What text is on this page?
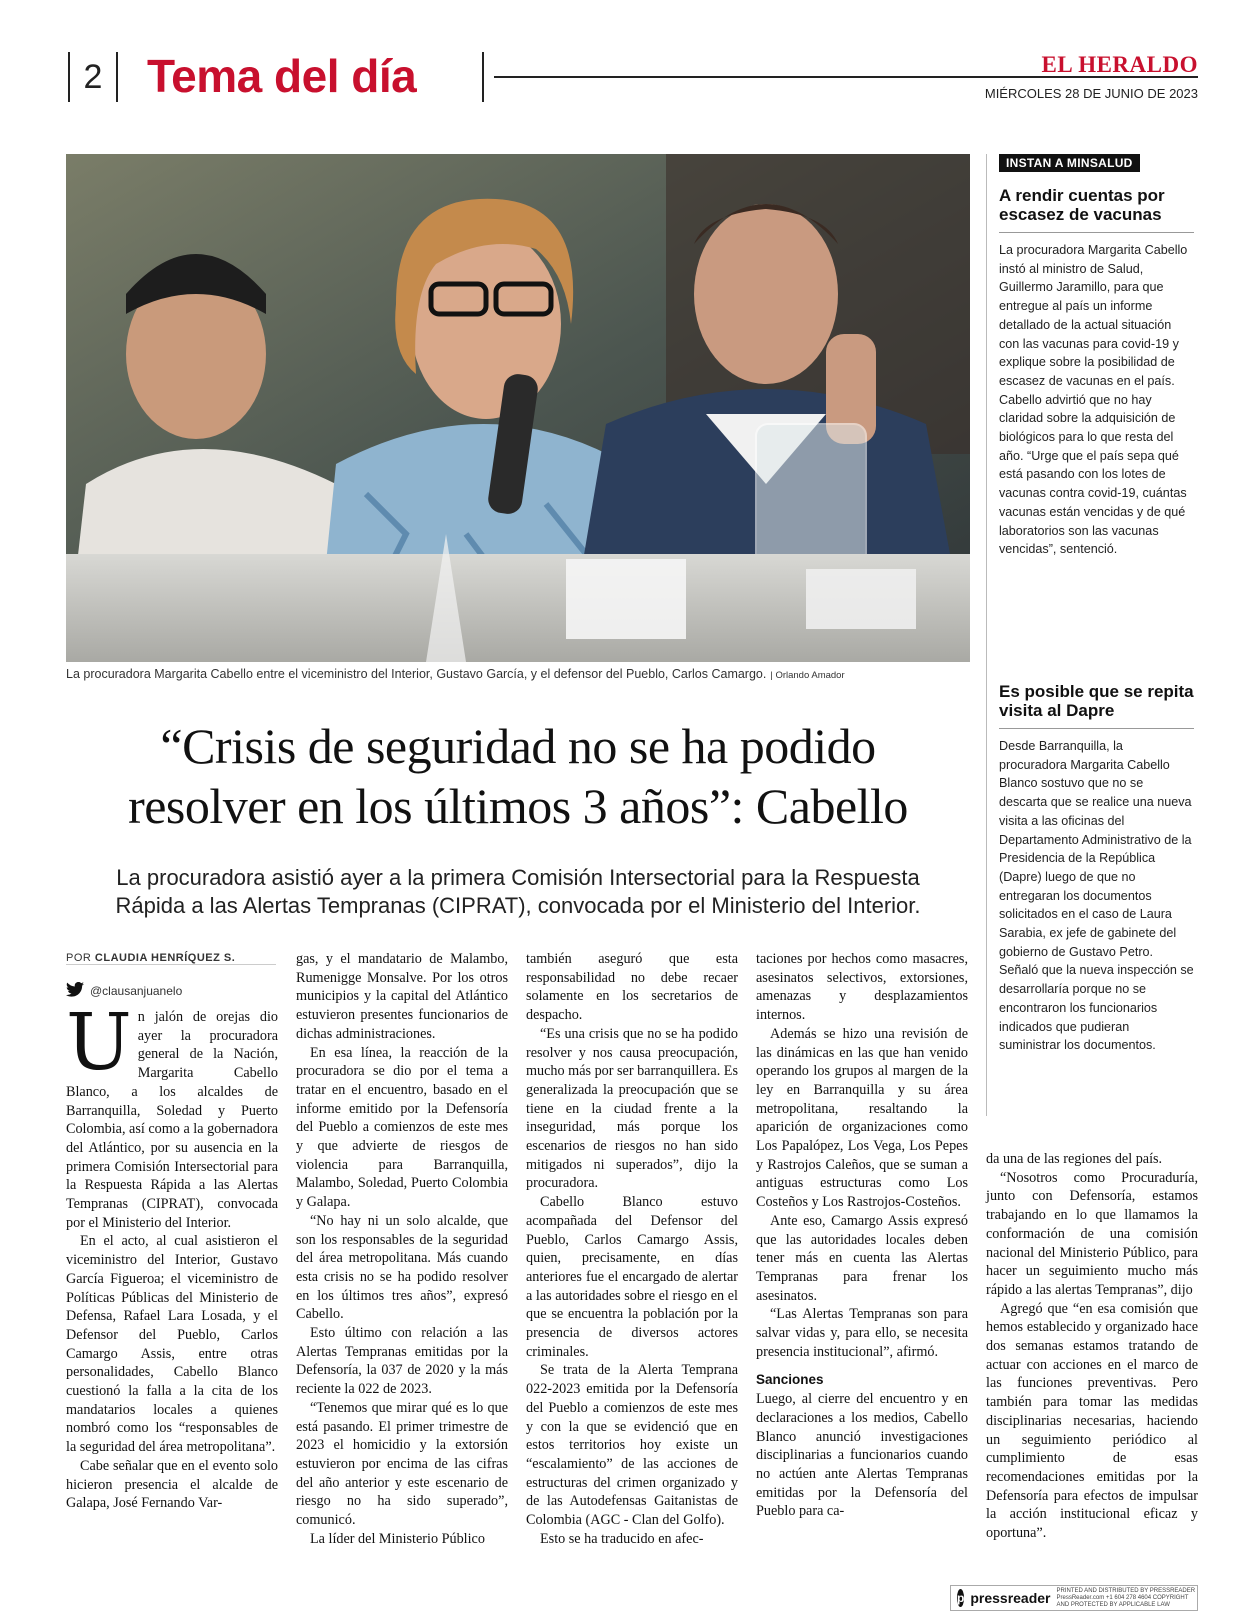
2 Tema del día	EL HERALDO
MIÉRCOLES 28 DE JUNIO DE 2023
La procuradora Margarita Cabello entre el viceministro del Interior, Gustavo García, y el defensor del Pueblo, Carlos Camargo. | Orlando Amador
“Crisis de seguridad no se ha podido
resolver en los últimos 3 años”: Cabello
La procuradora asistió ayer a la primera Comisión Intersectorial para la Respuesta
Rápida a las Alertas Tempranas (CIPRAT), convocada por el Ministerio del Interior.
POR CLAUDIA HENRÍQUEZ S.
@clausanjuanelo
U n jalón de orejas dio ayer la procuradora general de la Nación, Margarita Cabello Blanco, a los alcaldes de Barranquilla, Soledad y Puerto Colombia, así como a la gobernadora del Atlántico, por su ausencia en la primera Comisión Intersectorial para la Respuesta Rápida a las Alertas Tempranas (CIPRAT), convocada por el Ministerio del Interior.

En el acto, al cual asistieron el viceministro del Interior, Gustavo García Figueroa; el viceministro de Políticas Públicas del Ministerio de Defensa, Rafael Lara Losada, y el Defensor del Pueblo, Carlos Camargo Assis, entre otras personalidades, Cabello Blanco cuestionó la falla a la cita de los mandatarios locales a quienes nombró como los “responsables de la seguridad del área metropolitana”.

Cabe señalar que en el evento solo hicieron presencia el alcalde de Galapa, José Fernando Var-

gas, y el mandatario de Malambo, Rumenigge Monsalve. Por los otros municipios y la capital del Atlántico estuvieron presentes funcionarios de dichas administraciones.

En esa línea, la reacción de la procuradora se dio por el tema a tratar en el encuentro, basado en el informe emitido por la Defensoría del Pueblo a comienzos de este mes y que advierte de riesgos de violencia para Barranquilla, Malambo, Soledad, Puerto Colombia y Galapa.

“No hay ni un solo alcalde, que son los responsables de la seguridad del área metropolitana. Más cuando esta crisis no se ha podido resolver en los últimos tres años”, expresó Cabello.

Esto último con relación a las Alertas Tempranas emitidas por la Defensoría, la 037 de 2020 y la más reciente la 022 de 2023.

“Tenemos que mirar qué es lo que está pasando. El primer trimestre de 2023 el homicidio y la extorsión estuvieron por encima de las cifras del año anterior y este escenario de riesgo no ha sido superado”, comunicó.

La líder del Ministerio Público

también aseguró que esta responsabilidad no debe recaer solamente en los secretarios de despacho.

“Es una crisis que no se ha podido resolver y nos causa preocupación, mucho más por ser barranquillera. Es generalizada la preocupación que se tiene en la ciudad frente a la inseguridad, más porque los escenarios de riesgos no han sido mitigados ni superados”, dijo la procuradora.

Cabello Blanco estuvo acompañada del Defensor del Pueblo, Carlos Camargo Assis, quien, precisamente, en días anteriores fue el encargado de alertar a las autoridades sobre el riesgo en el que se encuentra la población por la presencia de diversos actores criminales.

Se trata de la Alerta Temprana 022-2023 emitida por la Defensoría del Pueblo a comienzos de este mes y con la que se evidenció que en estos territorios hoy existe un “escalamiento” de las acciones de estructuras del crimen organizado y de las Autodefensas Gaitanistas de Colombia (AGC - Clan del Golfo).

Esto se ha traducido en afec-

taciones por hechos como masacres, asesinatos selectivos, extorsiones, amenazas y desplazamientos internos.

Además se hizo una revisión de las dinámicas en las que han venido operando los grupos al margen de la ley en Barranquilla y su área metropolitana, resaltando la aparición de organizaciones como Los Papalópez, Los Vega, Los Pepes y Rastrojos Caleños, que se suman a antiguas estructuras como Los Costeños y Los Rastrojos-Costeños.

Ante eso, Camargo Assis expresó que las autoridades locales deben tener más en cuenta las Alertas Tempranas para frenar los asesinatos.

“Las Alertas Tempranas son para salvar vidas y, para ello, se necesita presencia institucional”, afirmó.

Sanciones

Luego, al cierre del encuentro y en declaraciones a los medios, Cabello Blanco anunció investigaciones disciplinarias a funcionarios cuando no actúen ante Alertas Tempranas emitidas por la Defensoría del Pueblo para ca-

da una de las regiones del país.

“Nosotros como Procuraduría, junto con Defensoría, estamos trabajando en lo que llamamos la conformación de una comisión nacional del Ministerio Público, para hacer un seguimiento mucho más rápido a las alertas Tempranas”, dijo

Agregó que “en esa comisión que hemos establecido y organizado hace dos semanas estamos tratando de actuar con acciones en el marco de las funciones preventivas. Pero también para tomar las medidas disciplinarias necesarias, haciendo un seguimiento periódico al cumplimiento de esas recomendaciones emitidas por la Defensoría para efectos de impulsar la acción institucional eficaz y oportuna”.

INSTAN A MINSALUD
A rendir cuentas por escasez de vacunas
La procuradora Margarita Cabello instó al ministro de Salud, Guillermo Jaramillo, para que entregue al país un informe detallado de la actual situación con las vacunas para covid-19 y explique sobre la posibilidad de escasez de vacunas en el país. Cabello advirtió que no hay claridad sobre la adquisición de biológicos para lo que resta del año. “Urge que el país sepa qué está pasando con los lotes de vacunas contra covid-19, cuántas vacunas están vencidas y de qué laboratorios son las vacunas vencidas”, sentenció.
Es posible que se repita visita al Dapre
Desde Barranquilla, la procuradora Margarita Cabello Blanco sostuvo que no se descarta que se realice una nueva visita a las oficinas del Departamento Administrativo de la Presidencia de la República (Dapre) luego de que no entregaran los documentos solicitados en el caso de Laura Sarabia, ex jefe de gabinete del gobierno de Gustavo Petro. Señaló que la nueva inspección se desarrollaría porque no se encontraron los funcionarios indicados que pudieran suministrar los documentos.
p pressreader PRINTED AND DISTRIBUTED BY PRESSREADER PressReader.com +1 604 278 4604 COPYRIGHT AND PROTECTED BY APPLICABLE LAW
